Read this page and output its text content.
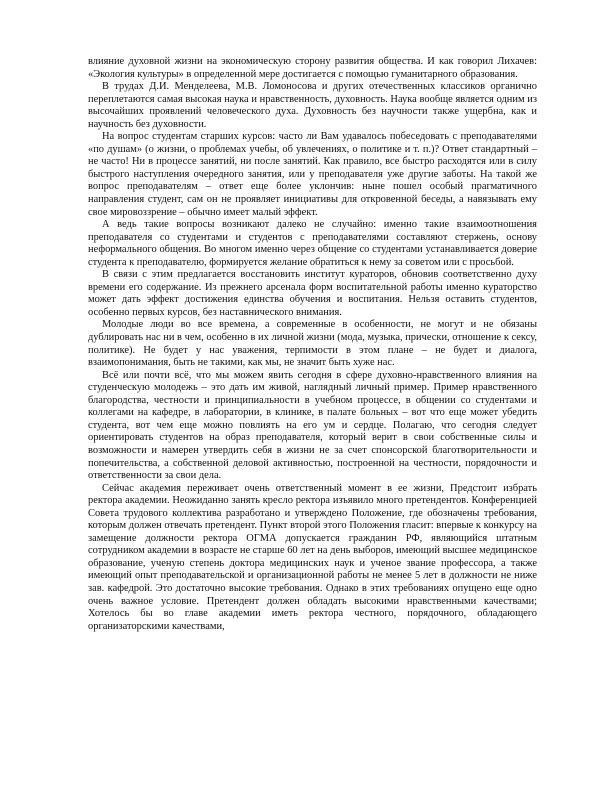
влияние духовной жизни на экономическую сторону развития общества. И как говорил Лихачев: «Экология культуры» в определенной мере достигается с помощью гуманитарного образования.

В трудах Д.И. Менделеева, М.В. Ломоносова и других отечественных классиков органично переплетаются самая высокая наука и нравственность, духовность. Наука вообще является одним из высочайших проявлений человеческого духа. Духовность без научности также ущербна, как и научность без духовности.

На вопрос студентам старших курсов: часто ли Вам удавалось побеседовать с преподавателями «по душам» (о жизни, о проблемах учебы, об увлечениях, о политике и т. п.)? Ответ стандартный – не часто! Ни в процессе занятий, ни после занятий. Как правило, все быстро расходятся или в силу быстрого наступления очередного занятия, или у преподавателя уже другие заботы. На такой же вопрос преподавателям – ответ еще более уклончив: ныне пошел особый прагматичного направления студент, сам он не проявляет инициативы для откровенной беседы, а навязывать ему свое мировоззрение – обычно имеет малый эффект.

А ведь такие вопросы возникают далеко не случайно: именно такие взаимоотношения преподавателя со студентами и студентов с преподавателями составляют стержень, основу неформального общения. Во многом именно через общение со студентами устанавливается доверие студента к преподавателю, формируется желание обратиться к нему за советом или с просьбой.

В связи с этим предлагается восстановить институт кураторов, обновив соответственно духу времени его содержание. Из прежнего арсенала форм воспитательной работы именно кураторство может дать эффект достижения единства обучения и воспитания. Нельзя оставить студентов, особенно первых курсов, без наставнического внимания.

Молодые люди во все времена, а современные в особенности, не могут и не обязаны дублировать нас ни в чем, особенно в их личной жизни (мода, музыка, прически, отношение к сексу, политике). Не будет у нас уважения, терпимости в этом плане – не будет и диалога, взаимопонимания, быть не такими, как мы, не значит быть хуже нас.

Всё или почти всё, что мы можем явить сегодня в сфере духовно-нравственного влияния на студенческую молодежь – это дать им живой, наглядный личный пример. Пример нравственного благородства, честности и принципиальности в учебном процессе, в общении со студентами и коллегами на кафедре, в лаборатории, в клинике, в палате больных – вот что еще может убедить студента, вот чем еще можно повлиять на его ум и сердце. Полагаю, что сегодня следует ориентировать студентов на образ преподавателя, который верит в свои собственные силы и возможности и намерен утвердить себя в жизни не за счет спонсорской благотворительности и попечительства, а собственной деловой активностью, построенной на честности, порядочности и ответственности за свои дела.

Сейчас академия переживает очень ответственный момент в ее жизни, Предстоит избрать ректора академии. Неожиданно занять кресло ректора изъявило много претендентов. Конференцией Совета трудового коллектива разработано и утверждено Положение, где обозначены требования, которым должен отвечать претендент. Пункт второй этого Положения гласит: впервые к конкурсу на замещение должности ректора ОГМА допускается гражданин РФ, являющийся штатным сотрудником академии в возрасте не старше 60 лет на день выборов, имеющий высшее медицинское образование, ученую степень доктора медицинских наук и ученое звание профессора, а также имеющий опыт преподавательской и организационной работы не менее 5 лет в должности не ниже зав. кафедрой. Это достаточно высокие требования. Однако в этих требованиях опущено еще одно очень важное условие. Претендент должен обладать высокими нравственными качествами; Хотелось бы во главе академии иметь ректора честного, порядочного, обладающего организаторскими качествами,
